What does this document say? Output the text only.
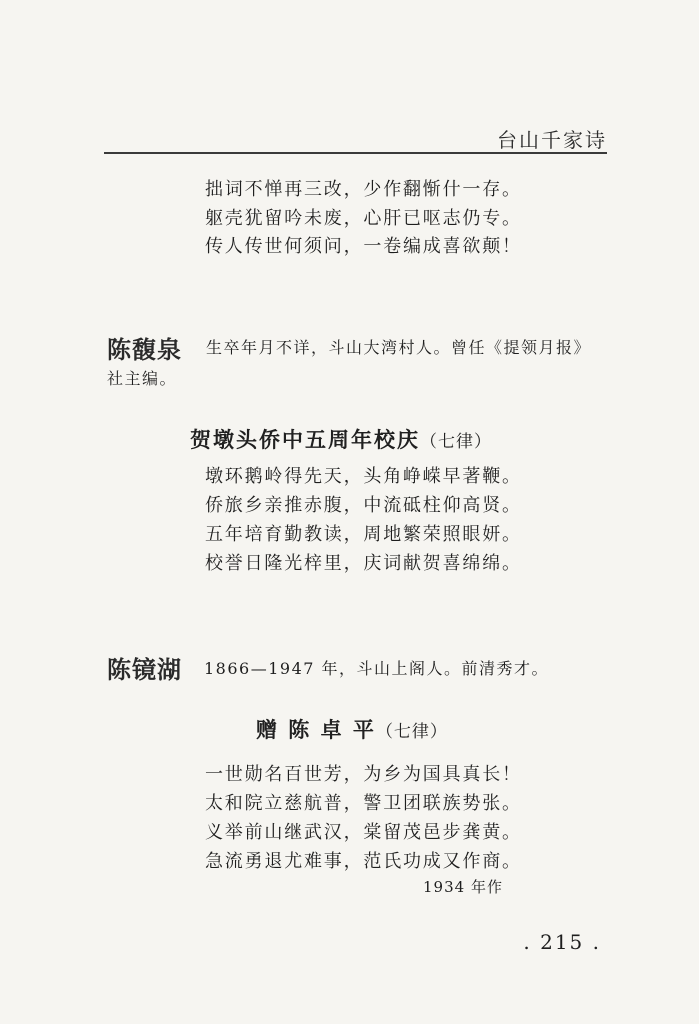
台山千家诗
拙词不惮再三改，少作翻惭什一存。
躯壳犹留吟未废，心肝已呕志仍专。
传人传世何须问，一卷编成喜欲颠！
陈馥泉 生卒年月不详，斗山大湾村人。曾任《提领月报》
社主编。
贺墩头侨中五周年校庆（七律）
墩环鹅岭得先天，头角峥嵘早著鞭。
侨旅乡亲推赤腹，中流砥柱仰高贤。
五年培育勤教读，周地繁荣照眼妍。
校誉日隆光梓里，庆词献贺喜绵绵。
陈镜湖 1866—1947 年，斗山上阁人。前清秀才。
赠 陈 卓 平（七律）
一世勋名百世芳，为乡为国具真长！
太和院立慈航普，警卫团联族势张。
义举前山继武汉，棠留茂邑步龚黄。
急流勇退尤难事，范氏功成又作商。
1934 年作
. 215 .
